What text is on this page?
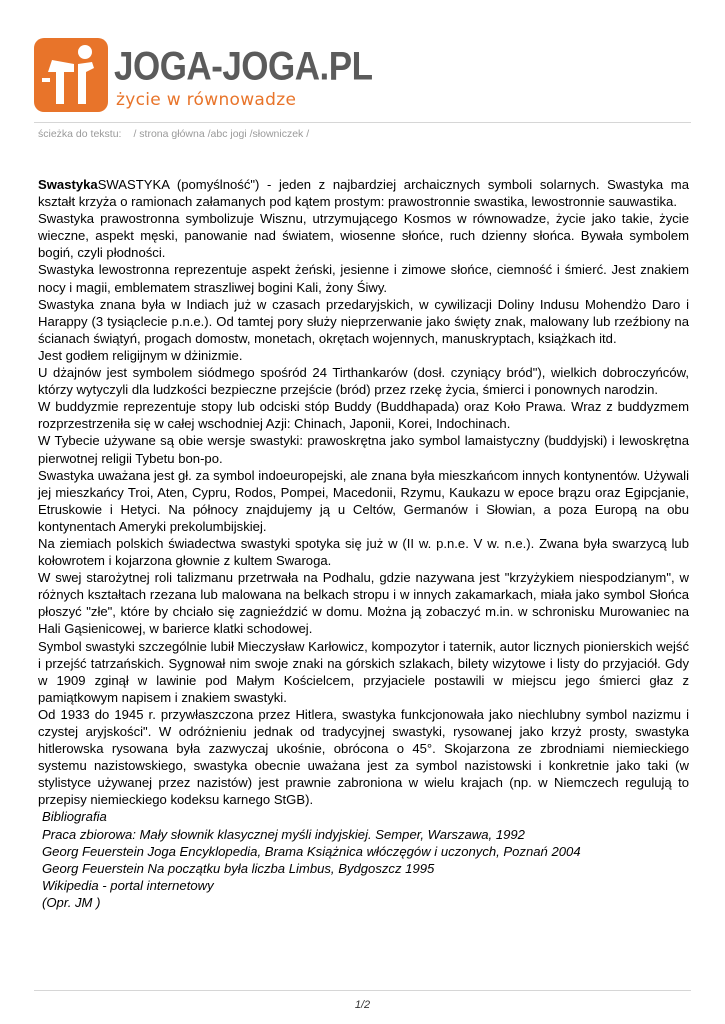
JOGA-JOGA.PL
życie w równowadze
ścieżka do tekstu: / strona główna /abc jogi /słowniczek /

SwastykaSWASTYKA (pomyślność") - jeden z najbardziej archaicznych symboli solarnych. Swastyka ma kształt krzyża o ramionach załamanych pod kątem prostym: prawostronnie swastika, lewostronnie sauwastika.

Swastyka prawostronna symbolizuje Wisznu, utrzymującego Kosmos w równowadze, życie jako takie, życie wieczne, aspekt męski, panowanie nad światem, wiosenne słońce, ruch dzienny słońca. Bywała symbolem bogiń, czyli płodności.

Swastyka lewostronna reprezentuje aspekt żeński, jesienne i zimowe słońce, ciemność i śmierć. Jest znakiem nocy i magii, emblematem straszliwej bogini Kali, żony Śiwy.

Swastyka znana była w Indiach już w czasach przedaryjskich, w cywilizacji Doliny Indusu Mohendżo Daro i Harappy (3 tysiąclecie p.n.e.). Od tamtej pory służy nieprzerwanie jako święty znak, malowany lub rzeźbiony na ścianach świątyń, progach domostw, monetach, okrętach wojennych, manuskryptach, książkach itd.

Jest godłem religijnym w dżinizmie.

U dżajnów jest symbolem siódmego spośród 24 Tirthankarów (dosł. czyniący bród"), wielkich dobroczyńców, którzy wytyczyli dla ludzkości bezpieczne przejście (bród) przez rzekę życia, śmierci i ponownych narodzin.

W buddyzmie reprezentuje stopy lub odciski stóp Buddy (Buddhapada) oraz Koło Prawa. Wraz z buddyzmem rozprzestrzeniła się w całej wschodniej Azji: Chinach, Japonii, Korei, Indochinach.

W Tybecie używane są obie wersje swastyki: prawoskrętna jako symbol lamaistyczny (buddyjski) i lewoskrętna pierwotnej religii Tybetu bon-po.

Swastyka uważana jest gł. za symbol indoeuropejski, ale znana była mieszkańcom innych kontynentów. Używali jej mieszkańcy Troi, Aten, Cypru, Rodos, Pompei, Macedonii, Rzymu, Kaukazu w epoce brązu oraz Egipcjanie, Etruskowie i Hetyci. Na północy znajdujemy ją u Celtów, Germanów i Słowian, a poza Europą na obu kontynentach Ameryki prekolumbijskiej.

Na ziemiach polskich świadectwa swastyki spotyka się już w (II w. p.n.e. V w. n.e.). Zwana była swarzycą lub kołowrotem i kojarzona głownie z kultem Swaroga.

W swej starożytnej roli talizmanu przetrwała na Podhalu, gdzie nazywana jest "krzyżykiem niespodzianym", w różnych kształtach rzezana lub malowana na belkach stropu i w innych zakamarkach, miała jako symbol Słońca płoszyć "złe", które by chciało się zagnieździć w domu. Można ją zobaczyć m.in. w schronisku Murowaniec na Hali Gąsienicowej, w barierce klatki schodowej.

Symbol swastyki szczególnie lubił Mieczysław Karłowicz, kompozytor i taternik, autor licznych pionierskich wejść i przejść tatrzańskich. Sygnował nim swoje znaki na górskich szlakach, bilety wizytowe i listy do przyjaciół. Gdy w 1909 zginął w lawinie pod Małym Kościelcem, przyjaciele postawili w miejscu jego śmierci głaz z pamiątkowym napisem i znakiem swastyki.

Od 1933 do 1945 r. przywłaszczona przez Hitlera, swastyka funkcjonowała jako niechlubny symbol nazizmu i czystej aryjskości". W odróżnieniu jednak od tradycyjnej swastyki, rysowanej jako krzyż prosty, swastyka hitlerowska rysowana była zazwyczaj ukośnie, obrócona o 45°. Skojarzona ze zbrodniami niemieckiego systemu nazistowskiego, swastyka obecnie uważana jest za symbol nazistowski i konkretnie jako taki (w stylistyce używanej przez nazistów) jest prawnie zabroniona w wielu krajach (np. w Niemczech regulują to przepisy niemieckiego kodeksu karnego StGB).

Bibliografia

Praca zbiorowa: Mały słownik klasycznej myśli indyjskiej. Semper, Warszawa, 1992

Georg Feuerstein Joga Encyklopedia, Brama Książnica włóczęgów i uczonych, Poznań 2004

Georg Feuerstein Na początku była liczba Limbus, Bydgoszcz 1995

Wikipedia - portal internetowy

(Opr. JM )

1/2
